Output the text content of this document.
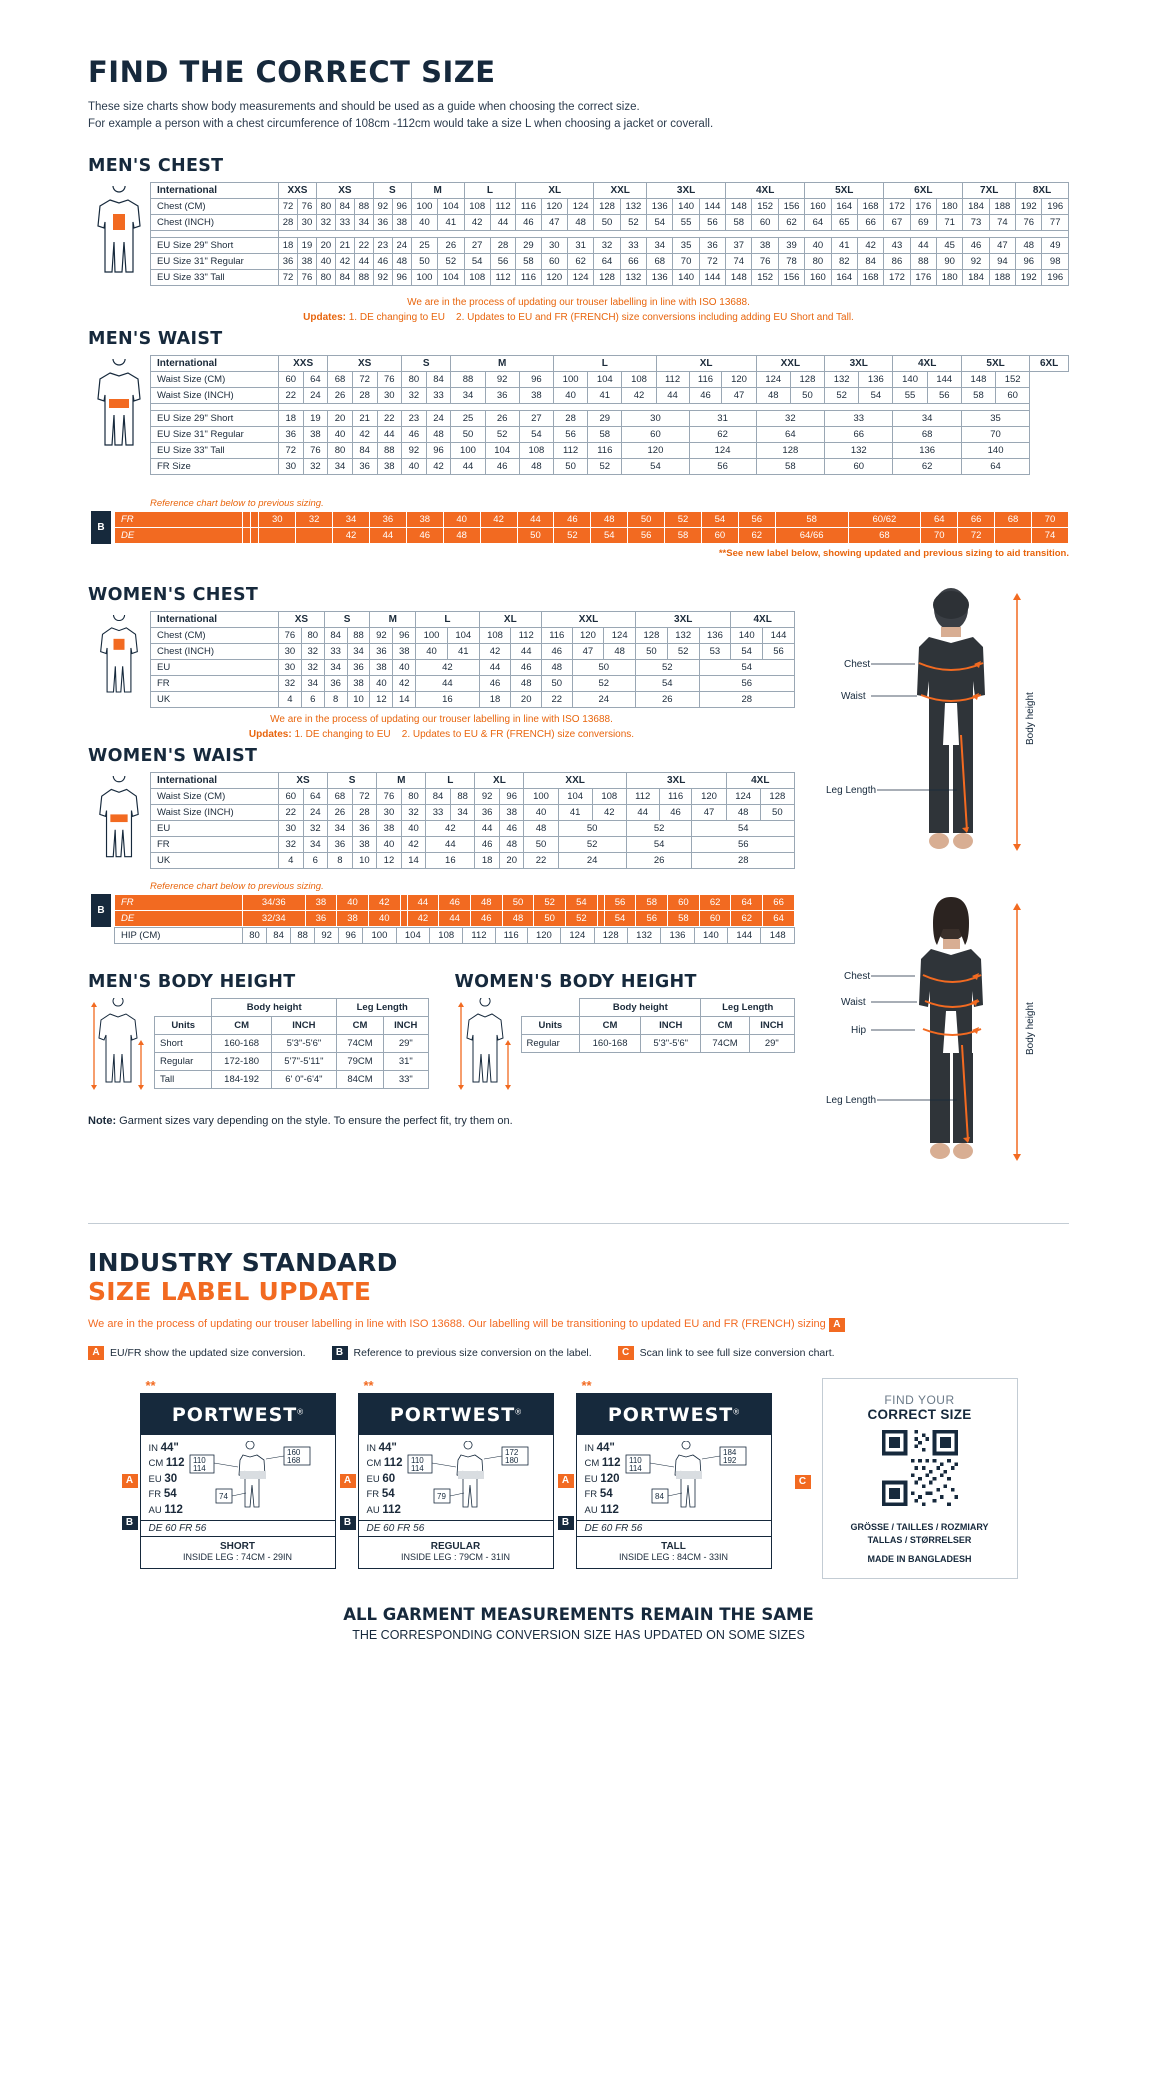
FIND THE CORRECT SIZE
These size charts show body measurements and should be used as a guide when choosing the correct size.
For example a person with a chest circumference of 108cm -112cm would take a size L when choosing a jacket or coverall.
MEN'S CHEST
International	XXS		XS			S		M		L		XL			XXL		3XL			4XL			5XL			6XL			7XL		8XL	
Chest (CM)	72	76	80	84	88	92	96	100	104	108	112	116	120	124	128	132	136	140	144	148	152	156	160	164	168	172	176	180	184	188	192	196
Chest (INCH)	28	30	32	33	34	36	38	40	41	42	44	46	47	48	50	52	54	55	56	58	60	62	64	65	66	67	69	71	73	74	76	77

EU Size 29" Short	18	19	20	21	22	23	24	25	26	27	28	29	30	31	32	33	34	35	36	37	38	39	40	41	42	43	44	45	46	47	48	49
EU Size 31" Regular	36	38	40	42	44	46	48	50	52	54	56	58	60	62	64	66	68	70	72	74	76	78	80	82	84	86	88	90	92	94	96	98
EU Size 33" Tall	72	76	80	84	88	92	96	100	104	108	112	116	120	124	128	132	136	140	144	148	152	156	160	164	168	172	176	180	184	188	192	196
We are in the process of updating our trouser labelling in line with ISO 13688.
Updates: 1. DE changing to EU 2. Updates to EU and FR (FRENCH) size conversions including adding EU Short and Tall.
MEN'S WAIST
International	XXS		XS			S		M			L			XL			XXL		3XL		4XL		5XL		6XL
Waist Size (CM)	60	64	68	72	76	80	84	88	92	96	100	104	108	112	116	120	124	128	132	136	140	144	148	152	
Waist Size (INCH)	22	24	26	28	30	32	33	34	36	38	40	41	42	44	46	47	48	50	52	54	55	56	58	60	

EU Size 29" Short	18	19	20	21	22	23	24	25	26	27	28	29	30		31		32		33		34		35		
EU Size 31" Regular	36	38	40	42	44	46	48	50	52	54	56	58	60		62		64		66		68		70		
EU Size 33" Tall	72	76	80	84	88	92	96	100	104	108	112	116	120		124		128		132		136		140		
FR Size	30	32	34	36	38	40	42	44	46	48	50	52	54		56		58		60		62		64		
Reference chart below to previous sizing.
B
FR			30	32	34	36	38	40	42	44	46	48	50	52	54	56	58	60/62	64	66	68	70
DE					42	44	46	48		50	52	54	56	58	60	62	64/66	68	70	72		74
**See new label below, showing updated and previous sizing to aid transition.
WOMEN'S CHEST
International	XS		S		M		L		XL		XXL			3XL			4XL	
Chest (CM)	76	80	84	88	92	96	100	104	108	112	116	120	124	128	132	136	140	144
Chest (INCH)	30	32	33	34	36	38	40	41	42	44	46	47	48	50	52	53	54	56
EU	30	32	34	36	38	40	42		44	46	48	50		52		54		
FR	32	34	36	38	40	42	44		46	48	50	52		54		56		
UK	4	6	8	10	12	14	16		18	20	22	24		26		28		
We are in the process of updating our trouser labelling in line with ISO 13688.
Updates: 1. DE changing to EU 2. Updates to EU & FR (FRENCH) size conversions.
WOMEN'S WAIST
International	XS		S		M		L		XL		XXL			3XL			4XL	
Waist Size (CM)	60	64	68	72	76	80	84	88	92	96	100	104	108	112	116	120	124	128
Waist Size (INCH)	22	24	26	28	30	32	33	34	36	38	40	41	42	44	46	47	48	50
EU	30	32	34	36	38	40	42		44	46	48	50		52		54		
FR	32	34	36	38	40	42	44		46	48	50	52		54		56		
UK	4	6	8	10	12	14	16		18	20	22	24		26		28		
Reference chart below to previous sizing.
B
FR	34/36	38	40	42		44	46	48	50	52	54		56	58	60	62	64	66
DE	32/34	36	38	40		42	44	46	48	50	52		54	56	58	60	62	64
HIP (CM)	80	84	88	92	96	100	104	108	112	116	120	124	128	132	136	140	144	148
MEN'S BODY HEIGHT
	Body height		Leg Length	
Units	CM	INCH	CM	INCH
Short	160-168	5'3"-5'6"	74CM	29"
Regular	172-180	5'7"-5'11"	79CM	31"
Tall	184-192	6' 0"-6'4"	84CM	33"
WOMEN'S BODY HEIGHT
	Body height		Leg Length	
Units	CM	INCH	CM	INCH
Regular	160-168	5'3"-5'6"	74CM	29"
Note: Garment sizes vary depending on the style. To ensure the perfect fit, try them on.
Chest
Waist
Leg Length
Body height
Chest
Waist
Hip
Leg Length
Body height
INDUSTRY STANDARD
SIZE LABEL UPDATE
We are in the process of updating our trouser labelling in line with ISO 13688. Our labelling will be transitioning to updated EU and FR (FRENCH) sizing A
A EU/FR show the updated size conversion.	B Reference to previous size conversion on the label.	C Scan link to see full size conversion chart.
**
PORTWEST®
IN 44"
CM 112
EU 30
FR 54
AU 112
110
114
74
160
168
DE 60 FR 56
SHORT
INSIDE LEG : 74CM - 29IN
A
B
**
PORTWEST®
IN 44"
CM 112
EU 60
FR 54
AU 112
110
114
79
172
180
DE 60 FR 56
REGULAR
INSIDE LEG : 79CM - 31IN
A
B
**
PORTWEST®
IN 44"
CM 112
EU 120
FR 54
AU 112
110
114
84
184
192
DE 60 FR 56
TALL
INSIDE LEG : 84CM - 33IN
A
B
FIND YOUR
CORRECT SIZE
GRÖSSE / TAILLES / ROZMIARY
TALLAS / STØRRELSER
MADE IN BANGLADESH
C
ALL GARMENT MEASUREMENTS REMAIN THE SAME
THE CORRESPONDING CONVERSION SIZE HAS UPDATED ON SOME SIZES
